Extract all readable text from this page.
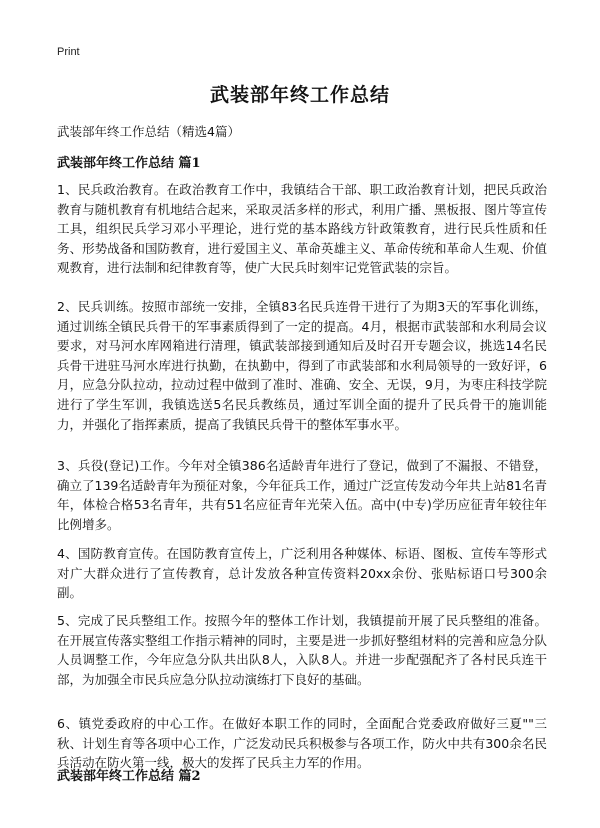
Print
武装部年终工作总结
武装部年终工作总结（精选4篇）
武装部年终工作总结 篇1
1、民兵政治教育。在政治教育工作中，我镇结合干部、职工政治教育计划，把民兵政治教育与随机教育有机地结合起来，采取灵活多样的形式，利用广播、黑板报、图片等宣传工具，组织民兵学习邓小平理论，进行党的基本路线方针政策教育，进行民兵性质和任务、形势战备和国防教育，进行爱国主义、革命英雄主义、革命传统和革命人生观、价值观教育，进行法制和纪律教育等，使广大民兵时刻牢记党管武装的宗旨。
2、民兵训练。按照市部统一安排，全镇83名民兵连骨干进行了为期3天的军事化训练，通过训练全镇民兵骨干的军事素质得到了一定的提高。4月，根据市武装部和水利局会议要求，对马河水库网箱进行清理，镇武装部接到通知后及时召开专题会议，挑选14名民兵骨干进驻马河水库进行执勤，在执勤中，得到了市武装部和水利局领导的一致好评，6月，应急分队拉动，拉动过程中做到了准时、准确、安全、无误，9月，为枣庄科技学院进行了学生军训，我镇选送5名民兵教练员，通过军训全面的提升了民兵骨干的施训能力，并强化了指挥素质，提高了我镇民兵骨干的整体军事水平。
3、兵役(登记)工作。今年对全镇386名适龄青年进行了登记，做到了不漏报、不错登，确立了139名适龄青年为预征对象，今年征兵工作，通过广泛宣传发动今年共上站81名青年，体检合格53名青年，共有51名应征青年光荣入伍。高中(中专)学历应征青年较往年比例增多。
4、国防教育宣传。在国防教育宣传上，广泛利用各种媒体、标语、图板、宣传车等形式对广大群众进行了宣传教育，总计发放各种宣传资料20xx余份、张贴标语口号300余副。
5、完成了民兵整组工作。按照今年的整体工作计划，我镇提前开展了民兵整组的准备。在开展宣传落实整组工作指示精神的同时，主要是进一步抓好整组材料的完善和应急分队人员调整工作，今年应急分队共出队8人，入队8人。并进一步配强配齐了各村民兵连干部，为加强全市民兵应急分队拉动演练打下良好的基础。
6、镇党委政府的中心工作。在做好本职工作的同时，全面配合党委政府做好三夏""三秋、计划生育等各项中心工作，广泛发动民兵积极参与各项工作，防火中共有300余名民兵活动在防火第一线，极大的发挥了民兵主力军的作用。
武装部年终工作总结 篇2
